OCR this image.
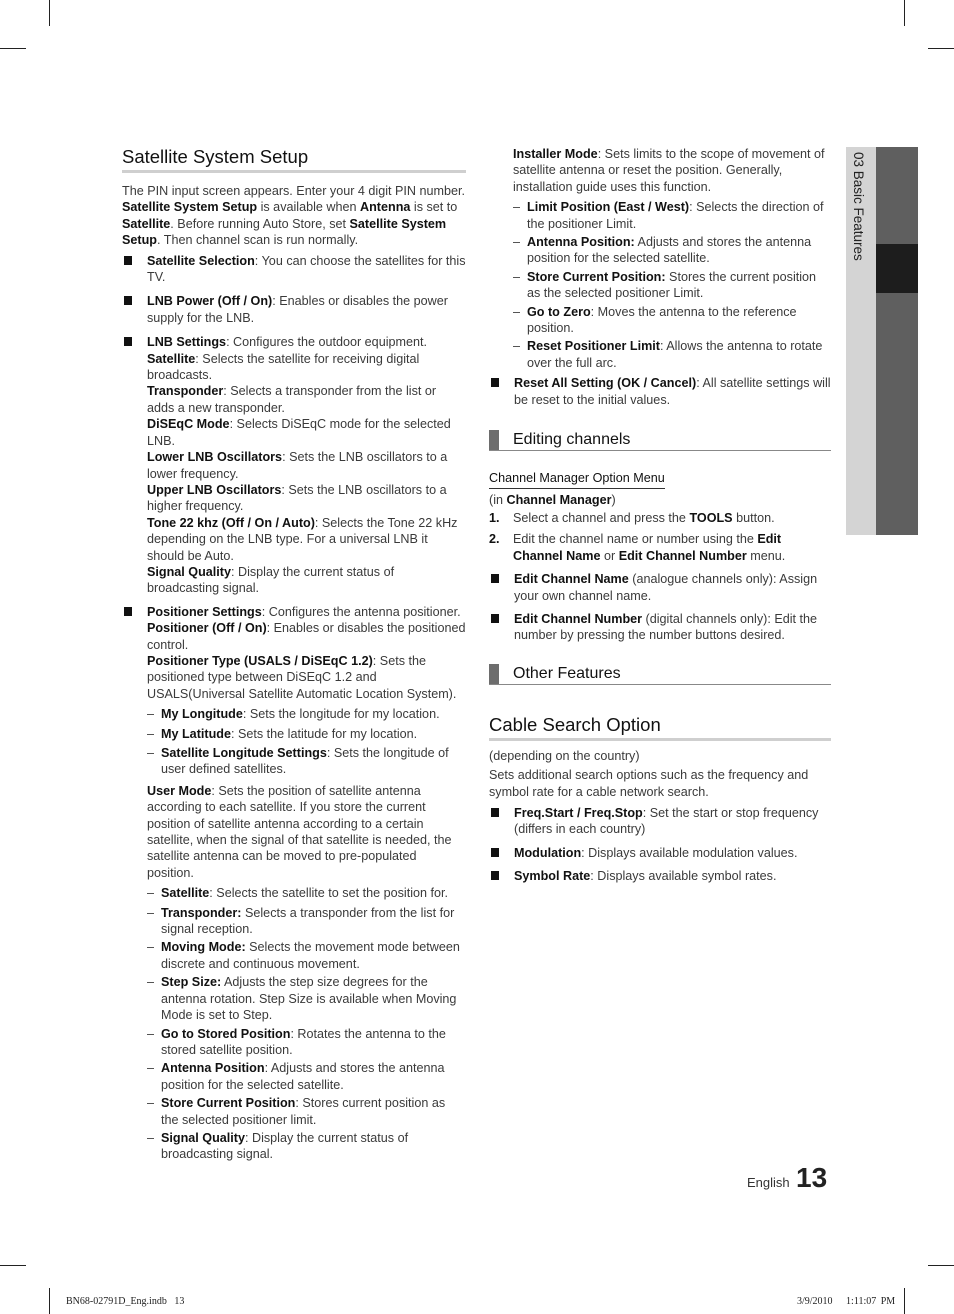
03 Basic Features
Satellite System Setup

The PIN input screen appears. Enter your 4 digit PIN number. Satellite System Setup is available when Antenna is set to Satellite. Before running Auto Store, set Satellite System Setup. Then channel scan is run normally.

Satellite Selection: You can choose the satellites for this TV.

LNB Power (Off / On): Enables or disables the power supply for the LNB.

LNB Settings: Configures the outdoor equipment.

Satellite: Selects the satellite for receiving digital broadcasts.

Transponder: Selects a transponder from the list or adds a new transponder.

DiSEqC Mode: Selects DiSEqC mode for the selected LNB.

Lower LNB Oscillators: Sets the LNB oscillators to a lower frequency.

Upper LNB Oscillators: Sets the LNB oscillators to a higher frequency.

Tone 22 khz (Off / On / Auto): Selects the Tone 22 kHz depending on the LNB type. For a universal LNB it should be Auto.

Signal Quality: Display the current status of broadcasting signal.

Positioner Settings: Configures the antenna positioner.

Positioner (Off / On): Enables or disables the positioned control.

Positioner Type (USALS / DiSEqC 1.2): Sets the positioned type between DiSEqC 1.2 and USALS(Universal Satellite Automatic Location System).

– My Longitude: Sets the longitude for my location.

– My Latitude: Sets the latitude for my location.

– Satellite Longitude Settings: Sets the longitude of user defined satellites.

User Mode: Sets the position of satellite antenna according to each satellite. If you store the current position of satellite antenna according to a certain satellite, when the signal of that satellite is needed, the satellite antenna can be moved to pre-populated position.

– Satellite: Selects the satellite to set the position for.

– Transponder: Selects a transponder from the list for signal reception.

– Moving Mode: Selects the movement mode between discrete and continuous movement.

– Step Size: Adjusts the step size degrees for the antenna rotation. Step Size is available when Moving Mode is set to Step.

– Go to Stored Position: Rotates the antenna to the stored satellite position.

– Antenna Position: Adjusts and stores the antenna position for the selected satellite.

– Store Current Position: Stores current position as the selected positioner limit.

– Signal Quality: Display the current status of broadcasting signal.

Installer Mode: Sets limits to the scope of movement of satellite antenna or reset the position. Generally, installation guide uses this function.

– Limit Position (East / West): Selects the direction of the positioner Limit.

– Antenna Position: Adjusts and stores the antenna position for the selected satellite.

– Store Current Position: Stores the current position as the selected positioner Limit.

– Go to Zero: Moves the antenna to the reference position.

– Reset Positioner Limit: Allows the antenna to rotate over the full arc.

Reset All Setting (OK / Cancel): All satellite settings will be reset to the initial values.

Editing channels
Channel Manager Option Menu

(in Channel Manager)

1. Select a channel and press the TOOLS button.

2. Edit the channel name or number using the Edit Channel Name or Edit Channel Number menu.

Edit Channel Name (analogue channels only): Assign your own channel name.

Edit Channel Number (digital channels only): Edit the number by pressing the number buttons desired.

Other Features
Cable Search Option

(depending on the country)

Sets additional search options such as the frequency and symbol rate for a cable network search.

Freq.Start / Freq.Stop: Set the start or stop frequency (differs in each country)

Modulation: Displays available modulation values.

Symbol Rate: Displays available symbol rates.

English 13
BN68-02791D_Eng.indb   13	3/9/2010   1:11:07 PM
